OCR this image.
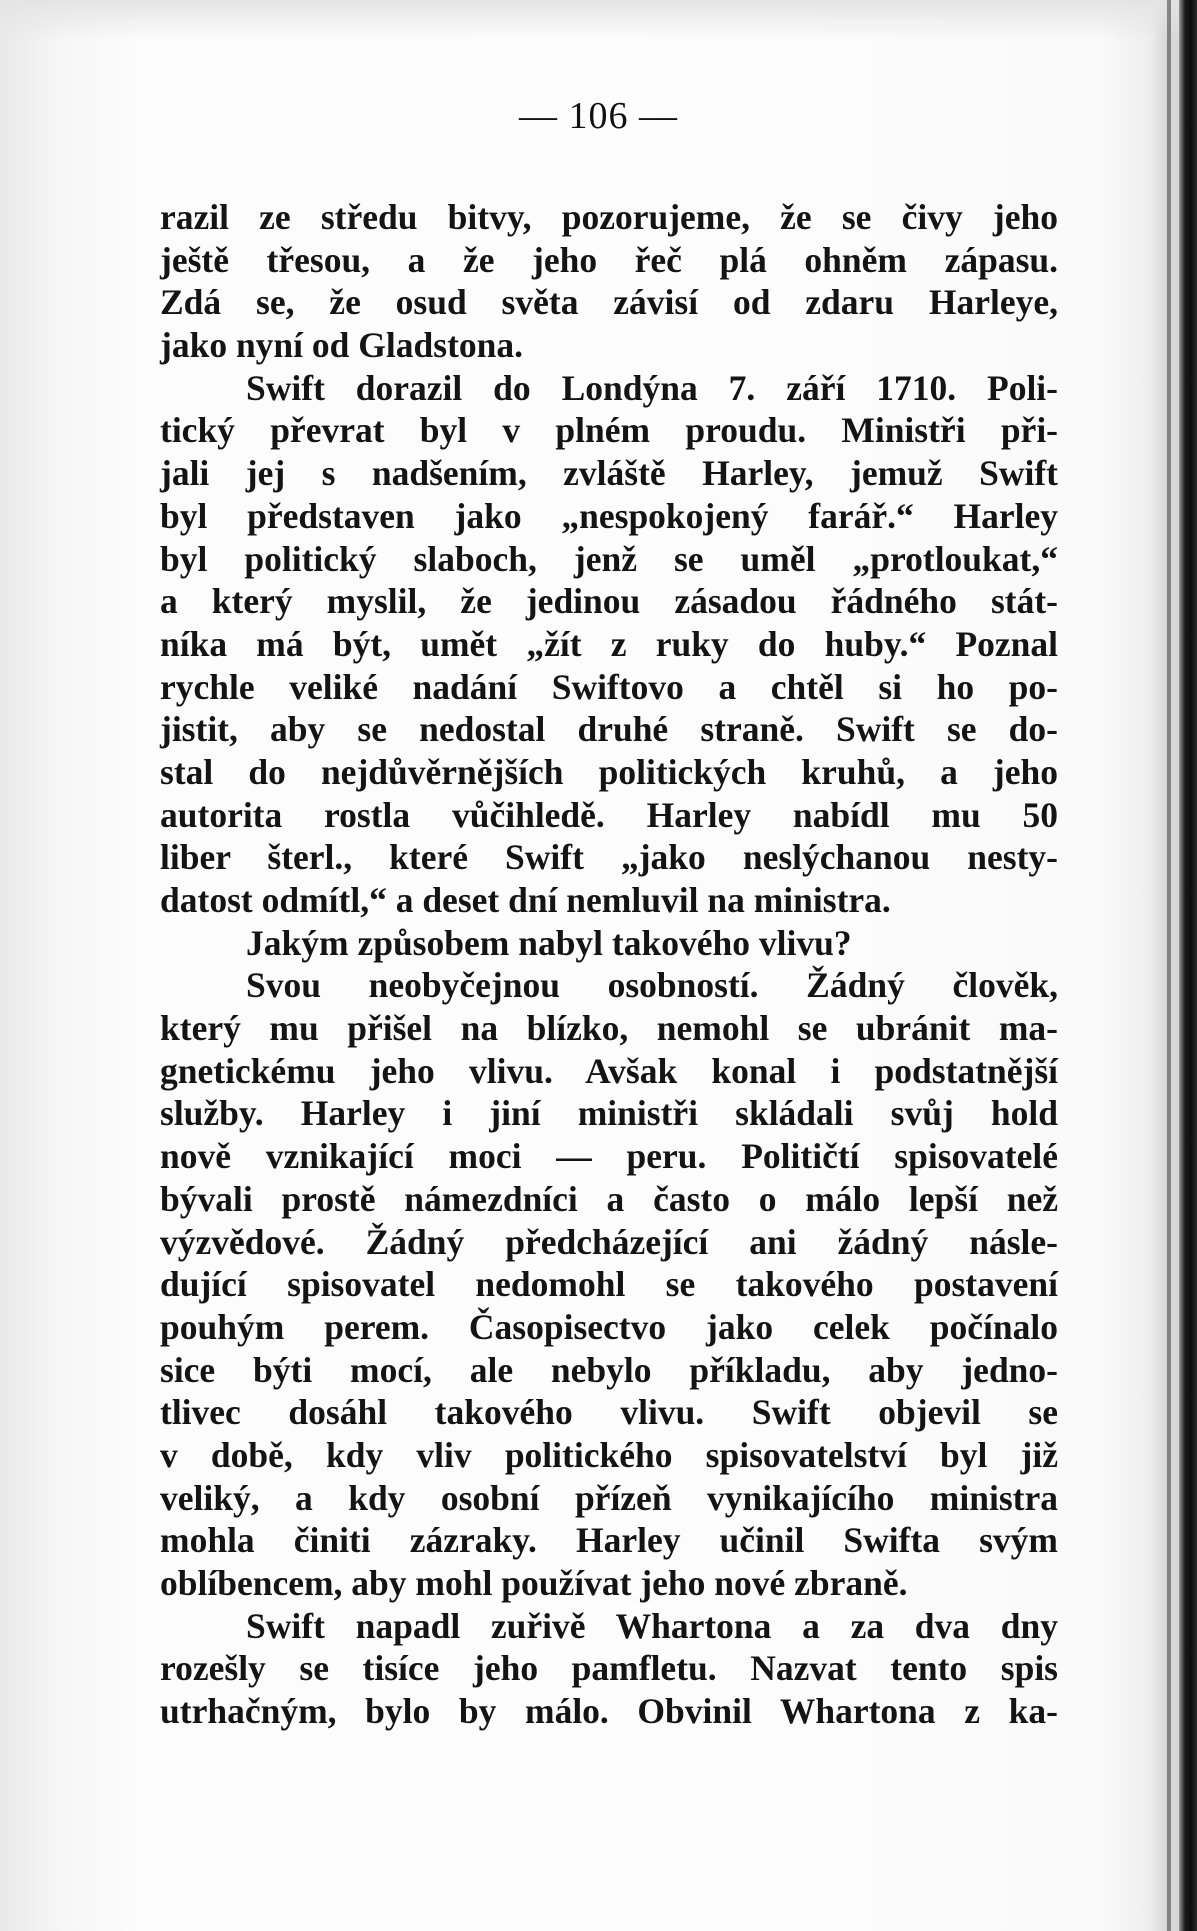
— 106 —
razil ze středu bitvy, pozorujeme, že se čivy jeho
ještě třesou, a že jeho řeč plá ohněm zápasu.
Zdá se, že osud světa závisí od zdaru Harleye,
jako nyní od Gladstona.
Swift dorazil do Londýna 7. září 1710. Poli-
tický převrat byl v plném proudu. Ministři při-
jali jej s nadšením, zvláště Harley, jemuž Swift
byl představen jako „nespokojený farář.“ Harley
byl politický slaboch, jenž se uměl „protloukat,“
a který myslil, že jedinou zásadou řádného stát-
níka má být, umět „žít z ruky do huby.“ Poznal
rychle veliké nadání Swiftovo a chtěl si ho po-
jistit, aby se nedostal druhé straně. Swift se do-
stal do nejdůvěrnějších politických kruhů, a jeho
autorita rostla vůčihledě. Harley nabídl mu 50
liber šterl., které Swift „jako neslýchanou nesty-
datost odmítl,“ a deset dní nemluvil na ministra.
Jakým způsobem nabyl takového vlivu?
Svou neobyčejnou osobností. Žádný člověk,
který mu přišel na blízko, nemohl se ubránit ma-
gnetickému jeho vlivu. Avšak konal i podstatnější
služby. Harley i jiní ministři skládali svůj hold
nově vznikající moci — peru. Političtí spisovatelé
bývali prostě námezdníci a často o málo lepší než
výzvědové. Žádný předcházející ani žádný násle-
dující spisovatel nedomohl se takového postavení
pouhým perem. Časopisectvo jako celek počínalo
sice býti mocí, ale nebylo příkladu, aby jedno-
tlivec dosáhl takového vlivu. Swift objevil se
v době, kdy vliv politického spisovatelství byl již
veliký, a kdy osobní přízeň vynikajícího ministra
mohla činiti zázraky. Harley učinil Swifta svým
oblíbencem, aby mohl používat jeho nové zbraně.
Swift napadl zuřivě Whartona a za dva dny
rozešly se tisíce jeho pamfletu. Nazvat tento spis
utrhačným, bylo by málo. Obvinil Whartona z ka-
